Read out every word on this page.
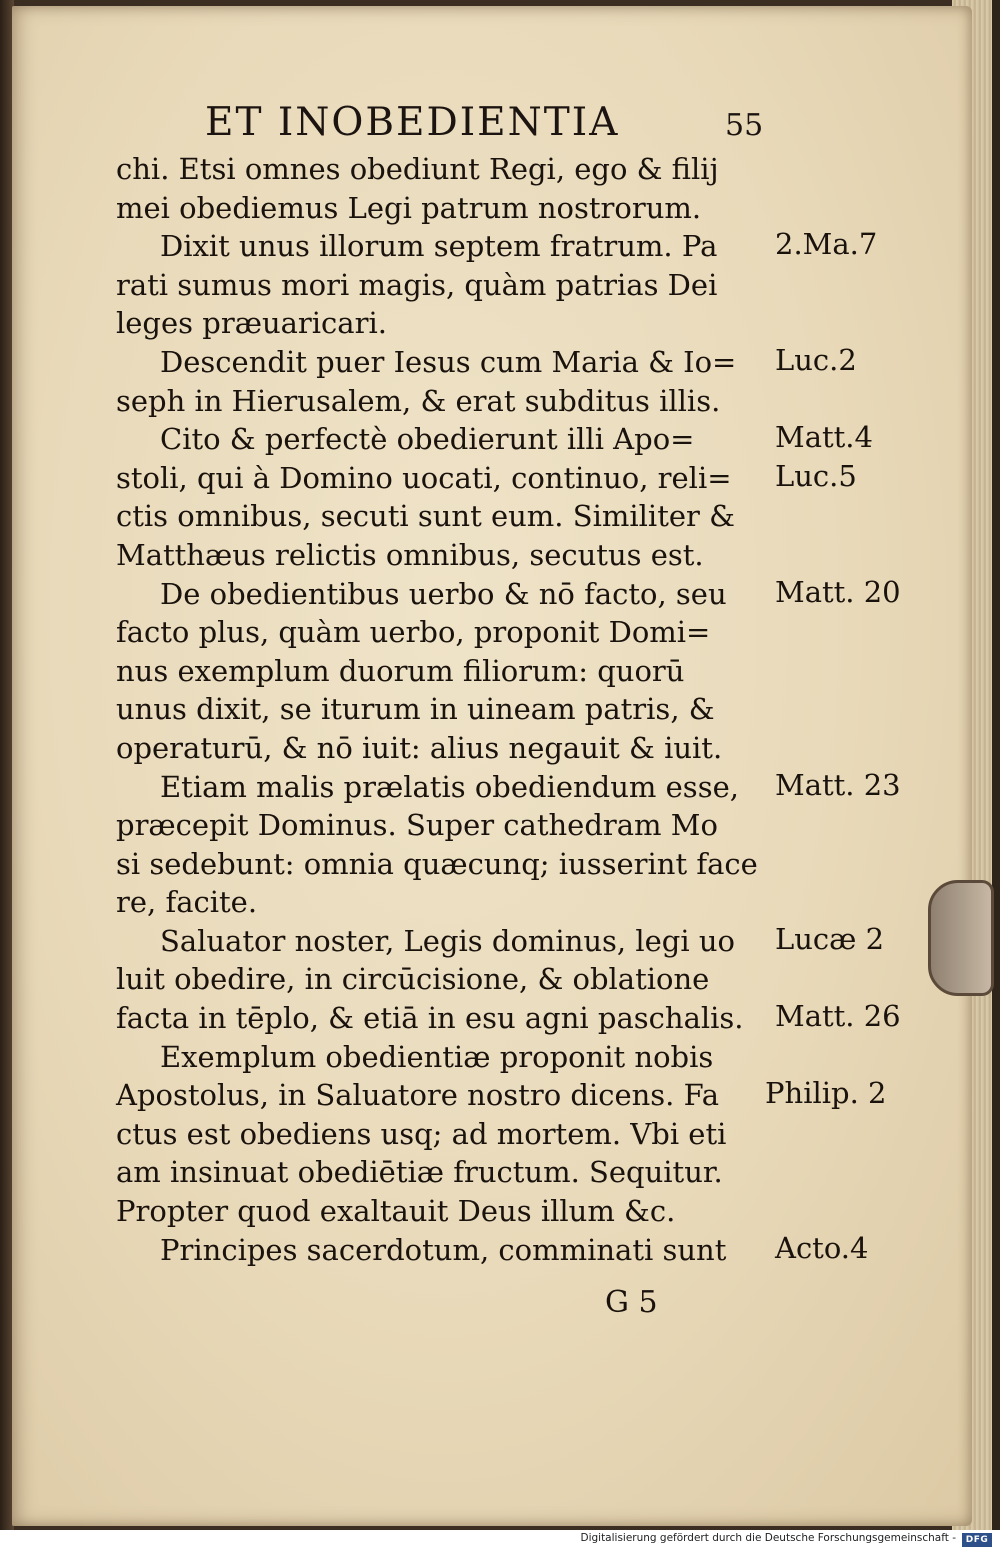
ET INOBEDIENTIA	55
chi. Etsi omnes obediunt Regi, ego & filij
mei obediemus Legi patrum nostrorum.
Dixit unus illorum septem fratrum. Pa
rati sumus mori magis, quàm patrias Dei
leges præuaricari.
Descendit puer Iesus cum Maria & Io=
seph in Hierusalem, & erat subditus illis.
Cito & perfectè obedierunt illi Apo=
stoli, qui à Domino uocati, continuo, reli=
ctis omnibus, secuti sunt eum. Similiter &
Matthæus relictis omnibus, secutus est.
De obedientibus uerbo & nō facto, seu
facto plus, quàm uerbo, proponit Domi=
nus exemplum duorum filiorum: quorū
unus dixit, se iturum in uineam patris, &
operaturū, & nō iuit: alius negauit & iuit.
Etiam malis prælatis obediendum esse,
præcepit Dominus. Super cathedram Mo
si sedebunt: omnia quæcunq; iusserint face
re, facite.
Saluator noster, Legis dominus, legi uo
luit obedire, in circūcisione, & oblatione
facta in tēplo, & etiā in esu agni paschalis.
Exemplum obedientiæ proponit nobis
Apostolus, in Saluatore nostro dicens. Fa
ctus est obediens usq; ad mortem. Vbi eti
am insinuat obediētiæ fructum. Sequitur.
Propter quod exaltauit Deus illum &c.
Principes sacerdotum, comminati sunt
2.Ma.7
Luc.2
Matt.4
Luc.5
Matt. 20
Matt. 23
Lucæ 2
Matt. 26
Philip. 2
Acto.4
G 5
Digitalisierung gefördert durch die Deutsche Forschungsgemeinschaft -	DFG
